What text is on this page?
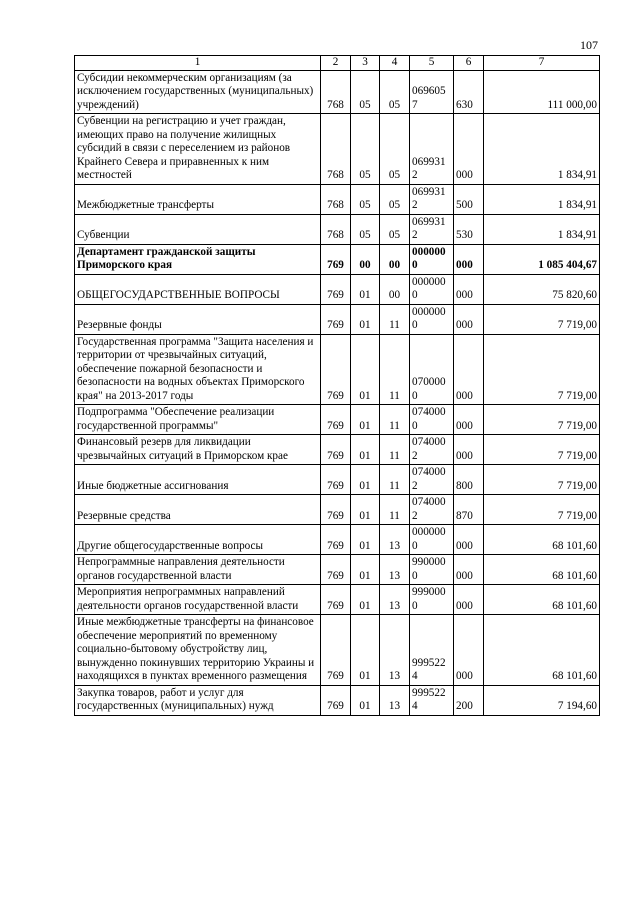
107
1	2	3	4	5	6	7
Субсидии некоммерческим организациям (за исключением государственных (муниципальных) учреждений)	768	05	05	0696057	630	111 000,00
Субвенции на регистрацию и учет граждан, имеющих право на получение жилищных субсидий в связи с переселением из районов Крайнего Севера и приравненных к ним местностей	768	05	05	0699312	000	1 834,91
Межбюджетные трансферты	768	05	05	0699312	500	1 834,91
Субвенции	768	05	05	0699312	530	1 834,91
Департамент гражданской защиты Приморского края	769	00	00	0000000	000	1 085 404,67
ОБЩЕГОСУДАРСТВЕННЫЕ ВОПРОСЫ	769	01	00	0000000	000	75 820,60
Резервные фонды	769	01	11	0000000	000	7 719,00
Государственная программа "Защита населения и территории от чрезвычайных ситуаций, обеспечение пожарной безопасности и безопасности на водных объектах Приморского края" на 2013-2017 годы	769	01	11	0700000	000	7 719,00
Подпрограмма "Обеспечение реализации государственной программы"	769	01	11	0740000	000	7 719,00
Финансовый резерв для ликвидации чрезвычайных ситуаций в Приморском крае	769	01	11	0740002	000	7 719,00
Иные бюджетные ассигнования	769	01	11	0740002	800	7 719,00
Резервные средства	769	01	11	0740002	870	7 719,00
Другие общегосударственные вопросы	769	01	13	0000000	000	68 101,60
Непрограммные направления деятельности органов государственной власти	769	01	13	9900000	000	68 101,60
Мероприятия непрограммных направлений деятельности органов государственной власти	769	01	13	9990000	000	68 101,60
Иные межбюджетные трансферты на финансовое обеспечение мероприятий по временному социально-бытовому обустройству лиц, вынужденно покинувших территорию Украины и находящихся в пунктах временного размещения	769	01	13	9995224	000	68 101,60
Закупка товаров, работ и услуг для государственных (муниципальных) нужд	769	01	13	9995224	200	7 194,60
